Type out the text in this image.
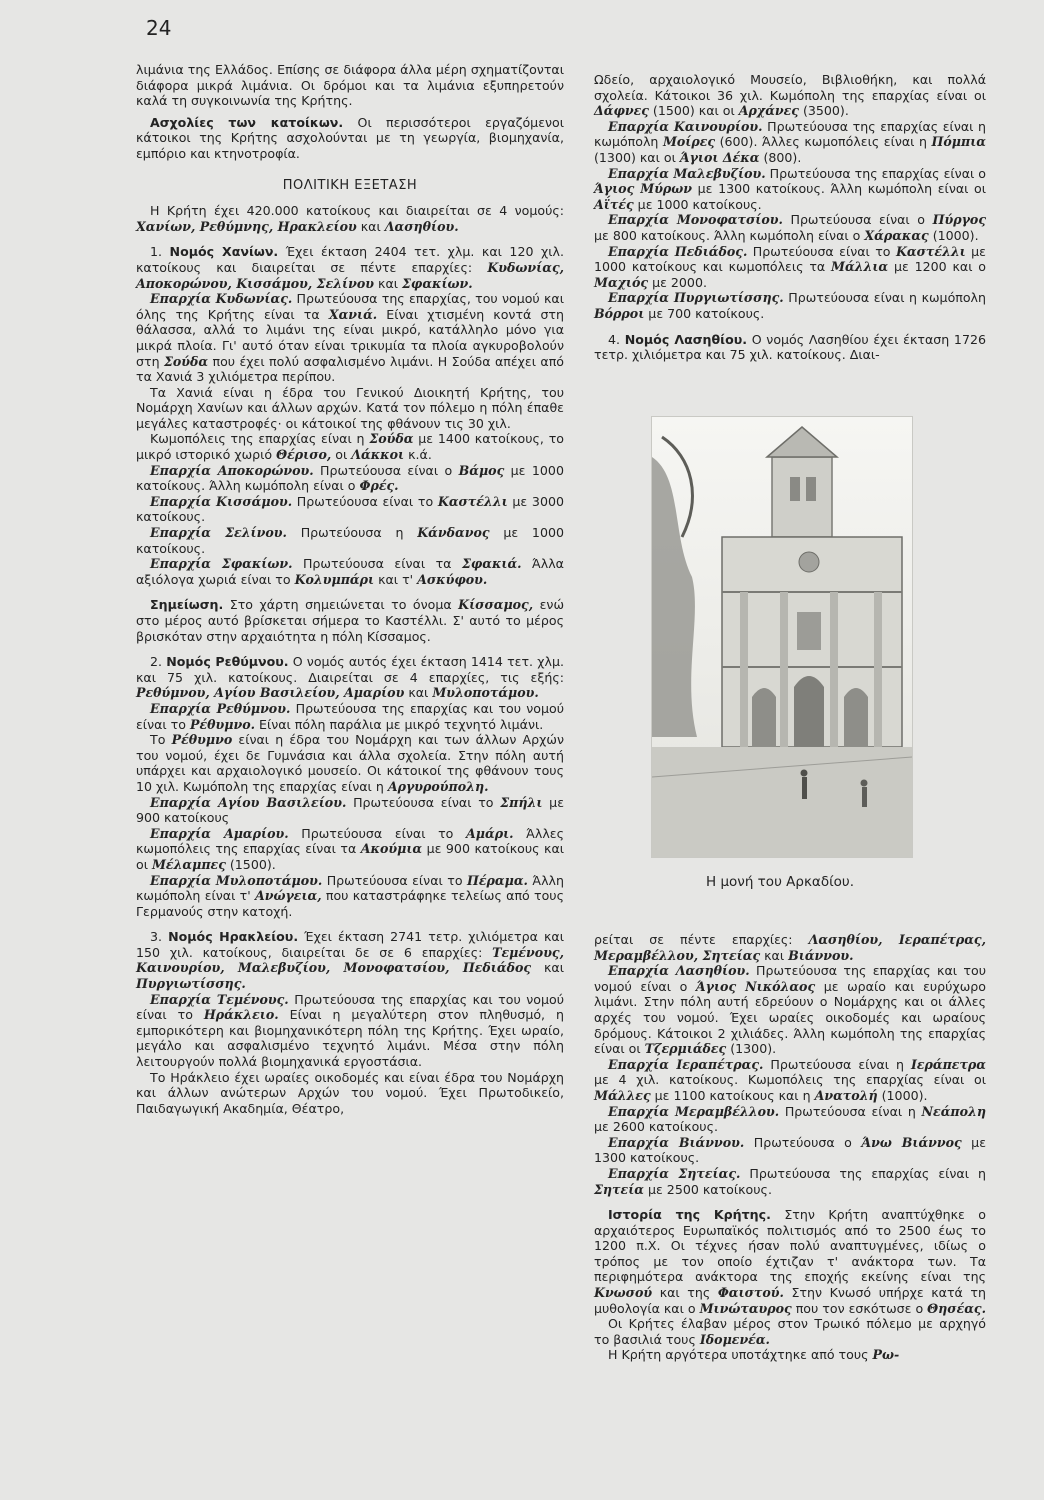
24

λιμάνια της Ελλάδος. Επίσης σε διάφορα άλλα μέρη σχηματίζονται διάφορα μικρά λιμάνια. Οι δρόμοι και τα λιμάνια εξυπηρετούν καλά τη συγκοινωνία της Κρήτης.

Ασχολίες των κατοίκων. Οι περισσότεροι εργαζόμενοι κάτοικοι της Κρήτης ασχολούνται με τη γεωργία, βιομηχανία, εμπόριο και κτηνοτροφία.

ΠΟΛΙΤΙΚΗ ΕΞΕΤΑΣΗ

Η Κρήτη έχει 420.000 κατοίκους και διαιρείται σε 4 νομούς: Χανίων, Ρεθύμνης, Ηρακλείου και Λασηθίου.

1. Νομός Χανίων. Έχει έκταση 2404 τετ. χλμ. και 120 χιλ. κατοίκους και διαιρείται σε πέντε επαρχίες: Κυδωνίας, Αποκορώνου, Κισσάμου, Σελίνου και Σφακίων.

Επαρχία Κυδωνίας. Πρωτεύουσα της επαρχίας, του νομού και όλης της Κρήτης είναι τα Χανιά. Είναι χτισμένη κοντά στη θάλασσα, αλλά το λιμάνι της είναι μικρό, κατάλληλο μόνο για μικρά πλοία. Γι' αυτό όταν είναι τρικυμία τα πλοία αγκυροβολούν στη Σούδα που έχει πολύ ασφαλισμένο λιμάνι. Η Σούδα απέχει από τα Χανιά 3 χιλιόμετρα περίπου.

Τα Χανιά είναι η έδρα του Γενικού Διοικητή Κρήτης, του Νομάρχη Χανίων και άλλων αρχών. Κατά τον πόλεμο η πόλη έπαθε μεγάλες καταστροφές· οι κάτοικοί της φθάνουν τις 30 χιλ.

Κωμοπόλεις της επαρχίας είναι η Σούδα με 1400 κατοίκους, το μικρό ιστορικό χωριό Θέρισο, οι Λάκκοι κ.ά.

Επαρχία Αποκορώνου. Πρωτεύουσα είναι ο Βάμος με 1000 κατοίκους. Άλλη κωμόπολη είναι ο Φρές.

Επαρχία Κισσάμου. Πρωτεύουσα είναι το Καστέλλι με 3000 κατοίκους.

Επαρχία Σελίνου. Πρωτεύουσα η Κάνδανος με 1000 κατοίκους.

Επαρχία Σφακίων. Πρωτεύουσα είναι τα Σφακιά. Άλλα αξιόλογα χωριά είναι το Κολυμπάρι και τ' Ασκύφου.

Σημείωση. Στο χάρτη σημειώνεται το όνομα Κίσσαμος, ενώ στο μέρος αυτό βρίσκεται σήμερα το Καστέλλι. Σ' αυτό το μέρος βρισκόταν στην αρχαιότητα η πόλη Κίσσαμος.

2. Νομός Ρεθύμνου. Ο νομός αυτός έχει έκταση 1414 τετ. χλμ. και 75 χιλ. κατοίκους. Διαιρείται σε 4 επαρχίες, τις εξής: Ρεθύμνου, Αγίου Βασιλείου, Αμαρίου και Μυλοποτάμου.

Επαρχία Ρεθύμνου. Πρωτεύουσα της επαρχίας και του νομού είναι το Ρέθυμνο. Είναι πόλη παράλια με μικρό τεχνητό λιμάνι.

Το Ρέθυμνο είναι η έδρα του Νομάρχη και των άλλων Αρχών του νομού, έχει δε Γυμνάσια και άλλα σχολεία. Στην πόλη αυτή υπάρχει και αρχαιολογικό μουσείο. Οι κάτοικοί της φθάνουν τους 10 χιλ. Κωμόπολη της επαρχίας είναι η Αργυρούπολη.

Επαρχία Αγίου Βασιλείου. Πρωτεύουσα είναι το Σπήλι με 900 κατοίκους

Επαρχία Αμαρίου. Πρωτεύουσα είναι το Αμάρι. Άλλες κωμοπόλεις της επαρχίας είναι τα Ακούμια με 900 κατοίκους και οι Μέλαμπες (1500).

Επαρχία Μυλοποτάμου. Πρωτεύουσα είναι το Πέραμα. Άλλη κωμόπολη είναι τ' Ανώγεια, που καταστράφηκε τελείως από τους Γερμανούς στην κατοχή.

3. Νομός Ηρακλείου. Έχει έκταση 2741 τετρ. χιλιόμετρα και 150 χιλ. κατοίκους, διαιρείται δε σε 6 επαρχίες: Τεμένους, Καινουρίου, Μαλεβυζίου, Μονοφατσίου, Πεδιάδος και Πυργιωτίσσης.

Επαρχία Τεμένους. Πρωτεύουσα της επαρχίας και του νομού είναι το Ηράκλειο. Είναι η μεγαλύτερη στον πληθυσμό, η εμπορικότερη και βιομηχανικότερη πόλη της Κρήτης. Έχει ωραίο, μεγάλο και ασφαλισμένο τεχνητό λιμάνι. Μέσα στην πόλη λειτουργούν πολλά βιομηχανικά εργοστάσια.

Το Ηράκλειο έχει ωραίες οικοδομές και είναι έδρα του Νομάρχη και άλλων ανώτερων Αρχών του νομού. Έχει Πρωτοδικείο, Παιδαγωγική Ακαδημία, Θέατρο,

Ωδείο, αρχαιολογικό Μουσείο, Βιβλιοθήκη, και πολλά σχολεία. Κάτοικοι 36 χιλ. Κωμόπολη της επαρχίας είναι οι Δάφνες (1500) και οι Αρχάνες (3500).

Επαρχία Καινουρίου. Πρωτεύουσα της επαρχίας είναι η κωμόπολη Μοίρες (600). Άλλες κωμοπόλεις είναι η Πόμπια (1300) και οι Άγιοι Δέκα (800).

Επαρχία Μαλεβυζίου. Πρωτεύουσα της επαρχίας είναι ο Άγιος Μύρων με 1300 κατοίκους. Άλλη κωμόπολη είναι οι Αΐτές με 1000 κατοίκους.

Επαρχία Μονοφατσίου. Πρωτεύουσα είναι ο Πύργος με 800 κατοίκους. Άλλη κωμόπολη είναι ο Χάρακας (1000).

Επαρχία Πεδιάδος. Πρωτεύουσα είναι το Καστέλλι με 1000 κατοίκους και κωμοπόλεις τα Μάλλια με 1200 και ο Μαχιός με 2000.

Επαρχία Πυργιωτίσσης. Πρωτεύουσα είναι η κωμόπολη Βόρροι με 700 κατοίκους.

4. Νομός Λασηθίου. Ο νομός Λασηθίου έχει έκταση 1726 τετρ. χιλιόμετρα και 75 χιλ. κατοίκους. Διαι-

Η μονή του Αρκαδίου.

ρείται σε πέντε επαρχίες: Λασηθίου, Ιεραπέτρας, Μεραμβέλλου, Σητείας και Βιάννου.

Επαρχία Λασηθίου. Πρωτεύουσα της επαρχίας και του νομού είναι ο Άγιος Νικόλαος με ωραίο και ευρύχωρο λιμάνι. Στην πόλη αυτή εδρεύουν ο Νομάρχης και οι άλλες αρχές του νομού. Έχει ωραίες οικοδομές και ωραίους δρόμους. Κάτοικοι 2 χιλιάδες. Άλλη κωμόπολη της επαρχίας είναι οι Τζερμιάδες (1300).

Επαρχία Ιεραπέτρας. Πρωτεύουσα είναι η Ιεράπετρα με 4 χιλ. κατοίκους. Κωμοπόλεις της επαρχίας είναι οι Μάλλες με 1100 κατοίκους και η Ανατολή (1000).

Επαρχία Μεραμβέλλου. Πρωτεύουσα είναι η Νεάπολη με 2600 κατοίκους.

Επαρχία Βιάννου. Πρωτεύουσα ο Άνω Βιάννος με 1300 κατοίκους.

Επαρχία Σητείας. Πρωτεύουσα της επαρχίας είναι η Σητεία με 2500 κατοίκους.

Ιστορία της Κρήτης. Στην Κρήτη αναπτύχθηκε ο αρχαιότερος Ευρωπαϊκός πολιτισμός από το 2500 έως το 1200 π.Χ. Οι τέχνες ήσαν πολύ αναπτυγμένες, ιδίως ο τρόπος με τον οποίο έχτιζαν τ' ανάκτορα των. Τα περιφημότερα ανάκτορα της εποχής εκείνης είναι της Κνωσού και της Φαιστού. Στην Κνωσό υπήρχε κατά τη μυθολογία και ο Μινώταυρος που τον εσκότωσε ο Θησέας.

Οι Κρήτες έλαβαν μέρος στον Τρωικό πόλεμο με αρχηγό το βασιλιά τους Ιδομενέα.

Η Κρήτη αργότερα υποτάχτηκε από τους Ρω-
